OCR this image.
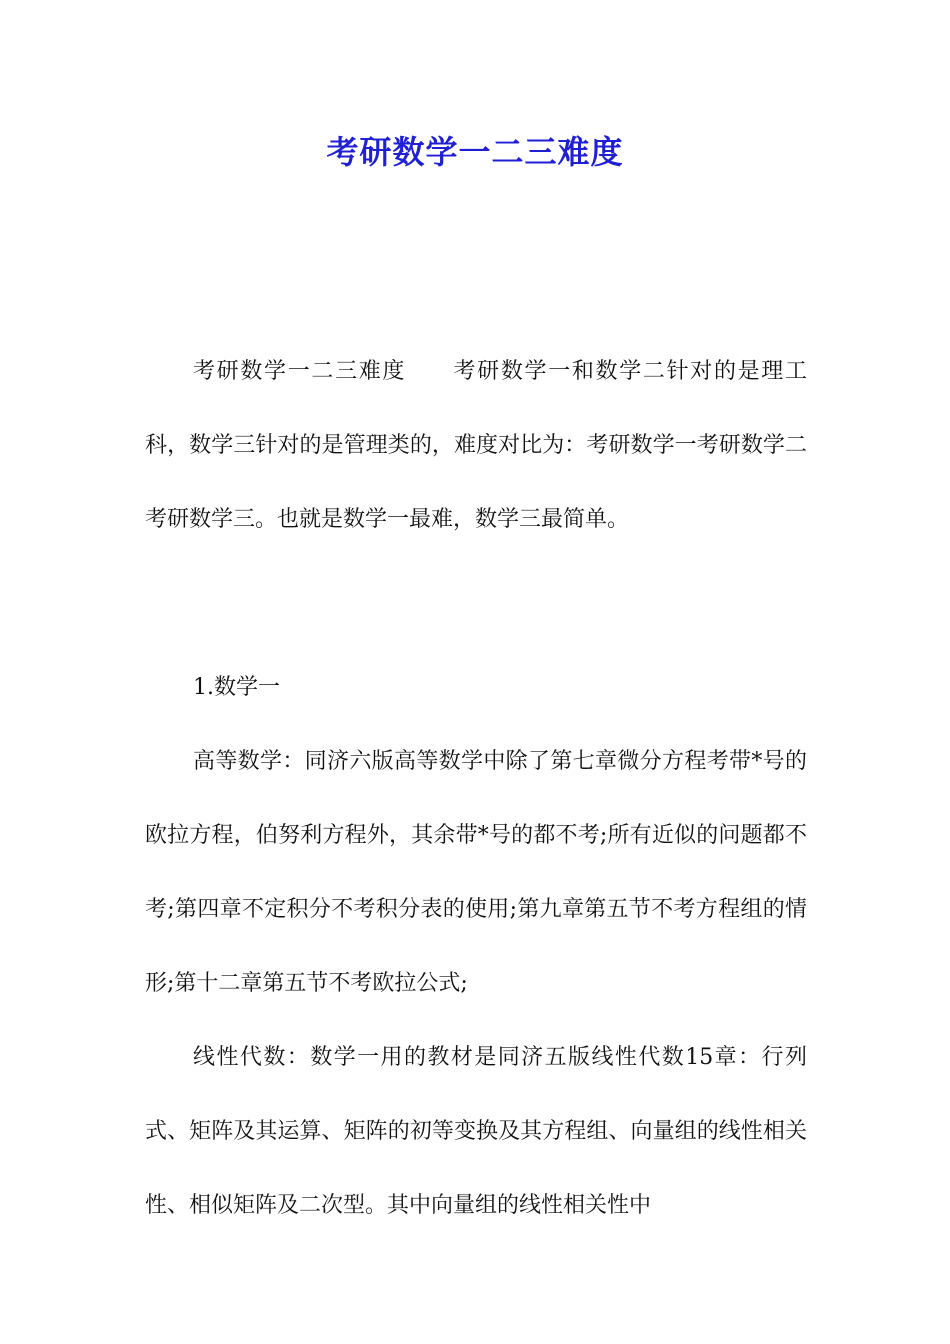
考研数学一二三难度

考研数学一二三难度　　考研数学一和数学二针对的是理工科，数学三针对的是管理类的，难度对比为：考研数学一考研数学二考研数学三。也就是数学一最难，数学三最简单。

1.数学一

高等数学：同济六版高等数学中除了第七章微分方程考带*号的欧拉方程，伯努利方程外，其余带*号的都不考;所有近似的问题都不考;第四章不定积分不考积分表的使用;第九章第五节不考方程组的情形;第十二章第五节不考欧拉公式;

线性代数：数学一用的教材是同济五版线性代数15章：行列式、矩阵及其运算、矩阵的初等变换及其方程组、向量组的线性相关性、相似矩阵及二次型。其中向量组的线性相关性中
